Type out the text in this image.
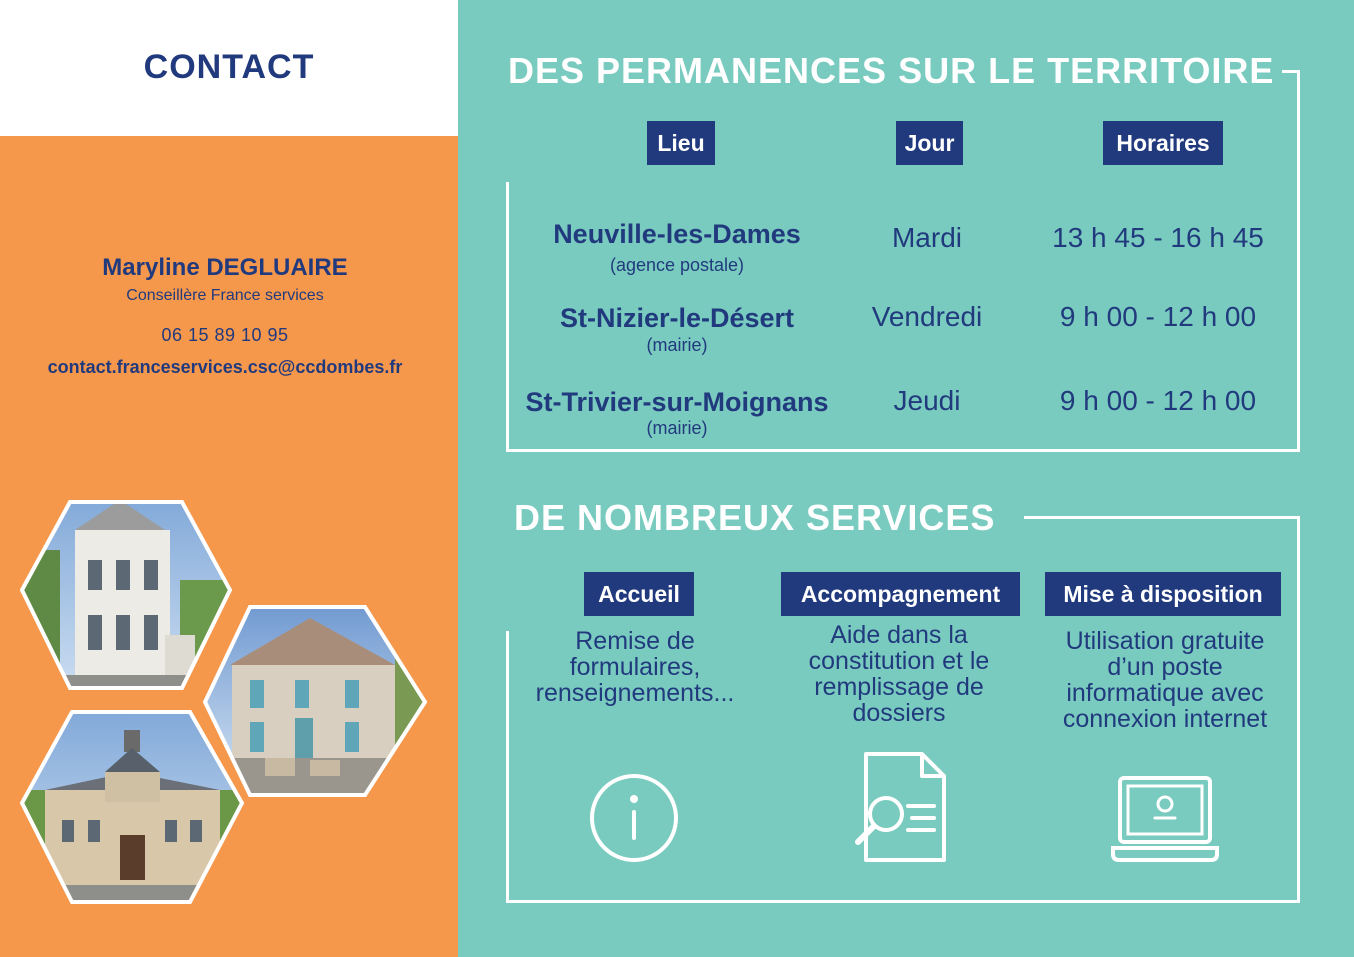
CONTACT
Maryline DEGLUAIRE
Conseillère France services
06 15 89 10 95
contact.franceservices.csc@ccdombes.fr
DES PERMANENCES SUR LE TERRITOIRE
Lieu	Jour	Horaires
Neuville-les-Dames
(agence postale)
Mardi	13 h 45 - 16 h 45
St-Nizier-le-Désert
(mairie)
Vendredi	9 h 00 - 12 h 00
St-Trivier-sur-Moignans
(mairie)
Jeudi	9 h 00 - 12 h 00
DE NOMBREUX SERVICES
Accueil	Accompagnement	Mise à disposition
Remise de formulaires, renseignements...
Aide dans la constitution et le remplissage de dossiers
Utilisation gratuite d’un poste informatique avec connexion internet
